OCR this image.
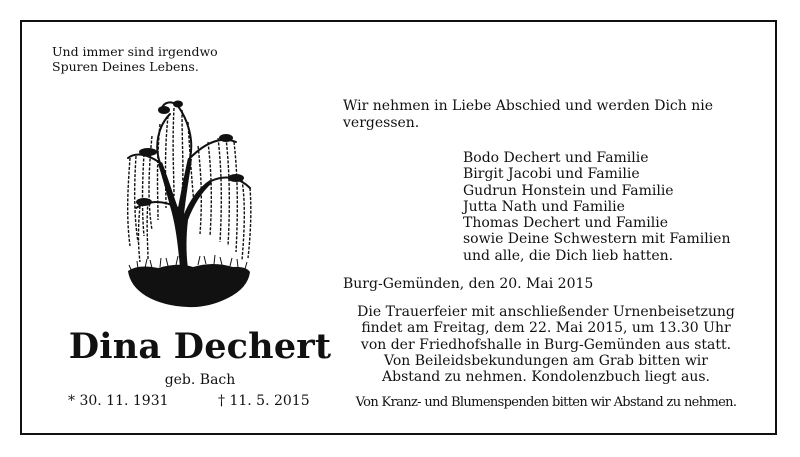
Und immer sind irgendwo
Spuren Deines Lebens.
Dina Dechert
geb. Bach
* 30. 11. 1931	† 11. 5. 2015
Wir nehmen in Liebe Abschied und werden Dich nie
vergessen.
Bodo Dechert und Familie
Birgit Jacobi und Familie
Gudrun Honstein und Familie
Jutta Nath und Familie
Thomas Dechert und Familie
sowie Deine Schwestern mit Familien
und alle, die Dich lieb hatten.
Burg-Gemünden, den 20. Mai 2015
Die Trauerfeier mit anschließender Urnenbeisetzung
findet am Freitag, dem 22. Mai 2015, um 13.30 Uhr
von der Friedhofshalle in Burg-Gemünden aus statt.
Von Beileidsbekundungen am Grab bitten wir
Abstand zu nehmen. Kondolenzbuch liegt aus.
Von Kranz- und Blumenspenden bitten wir Abstand zu nehmen.
